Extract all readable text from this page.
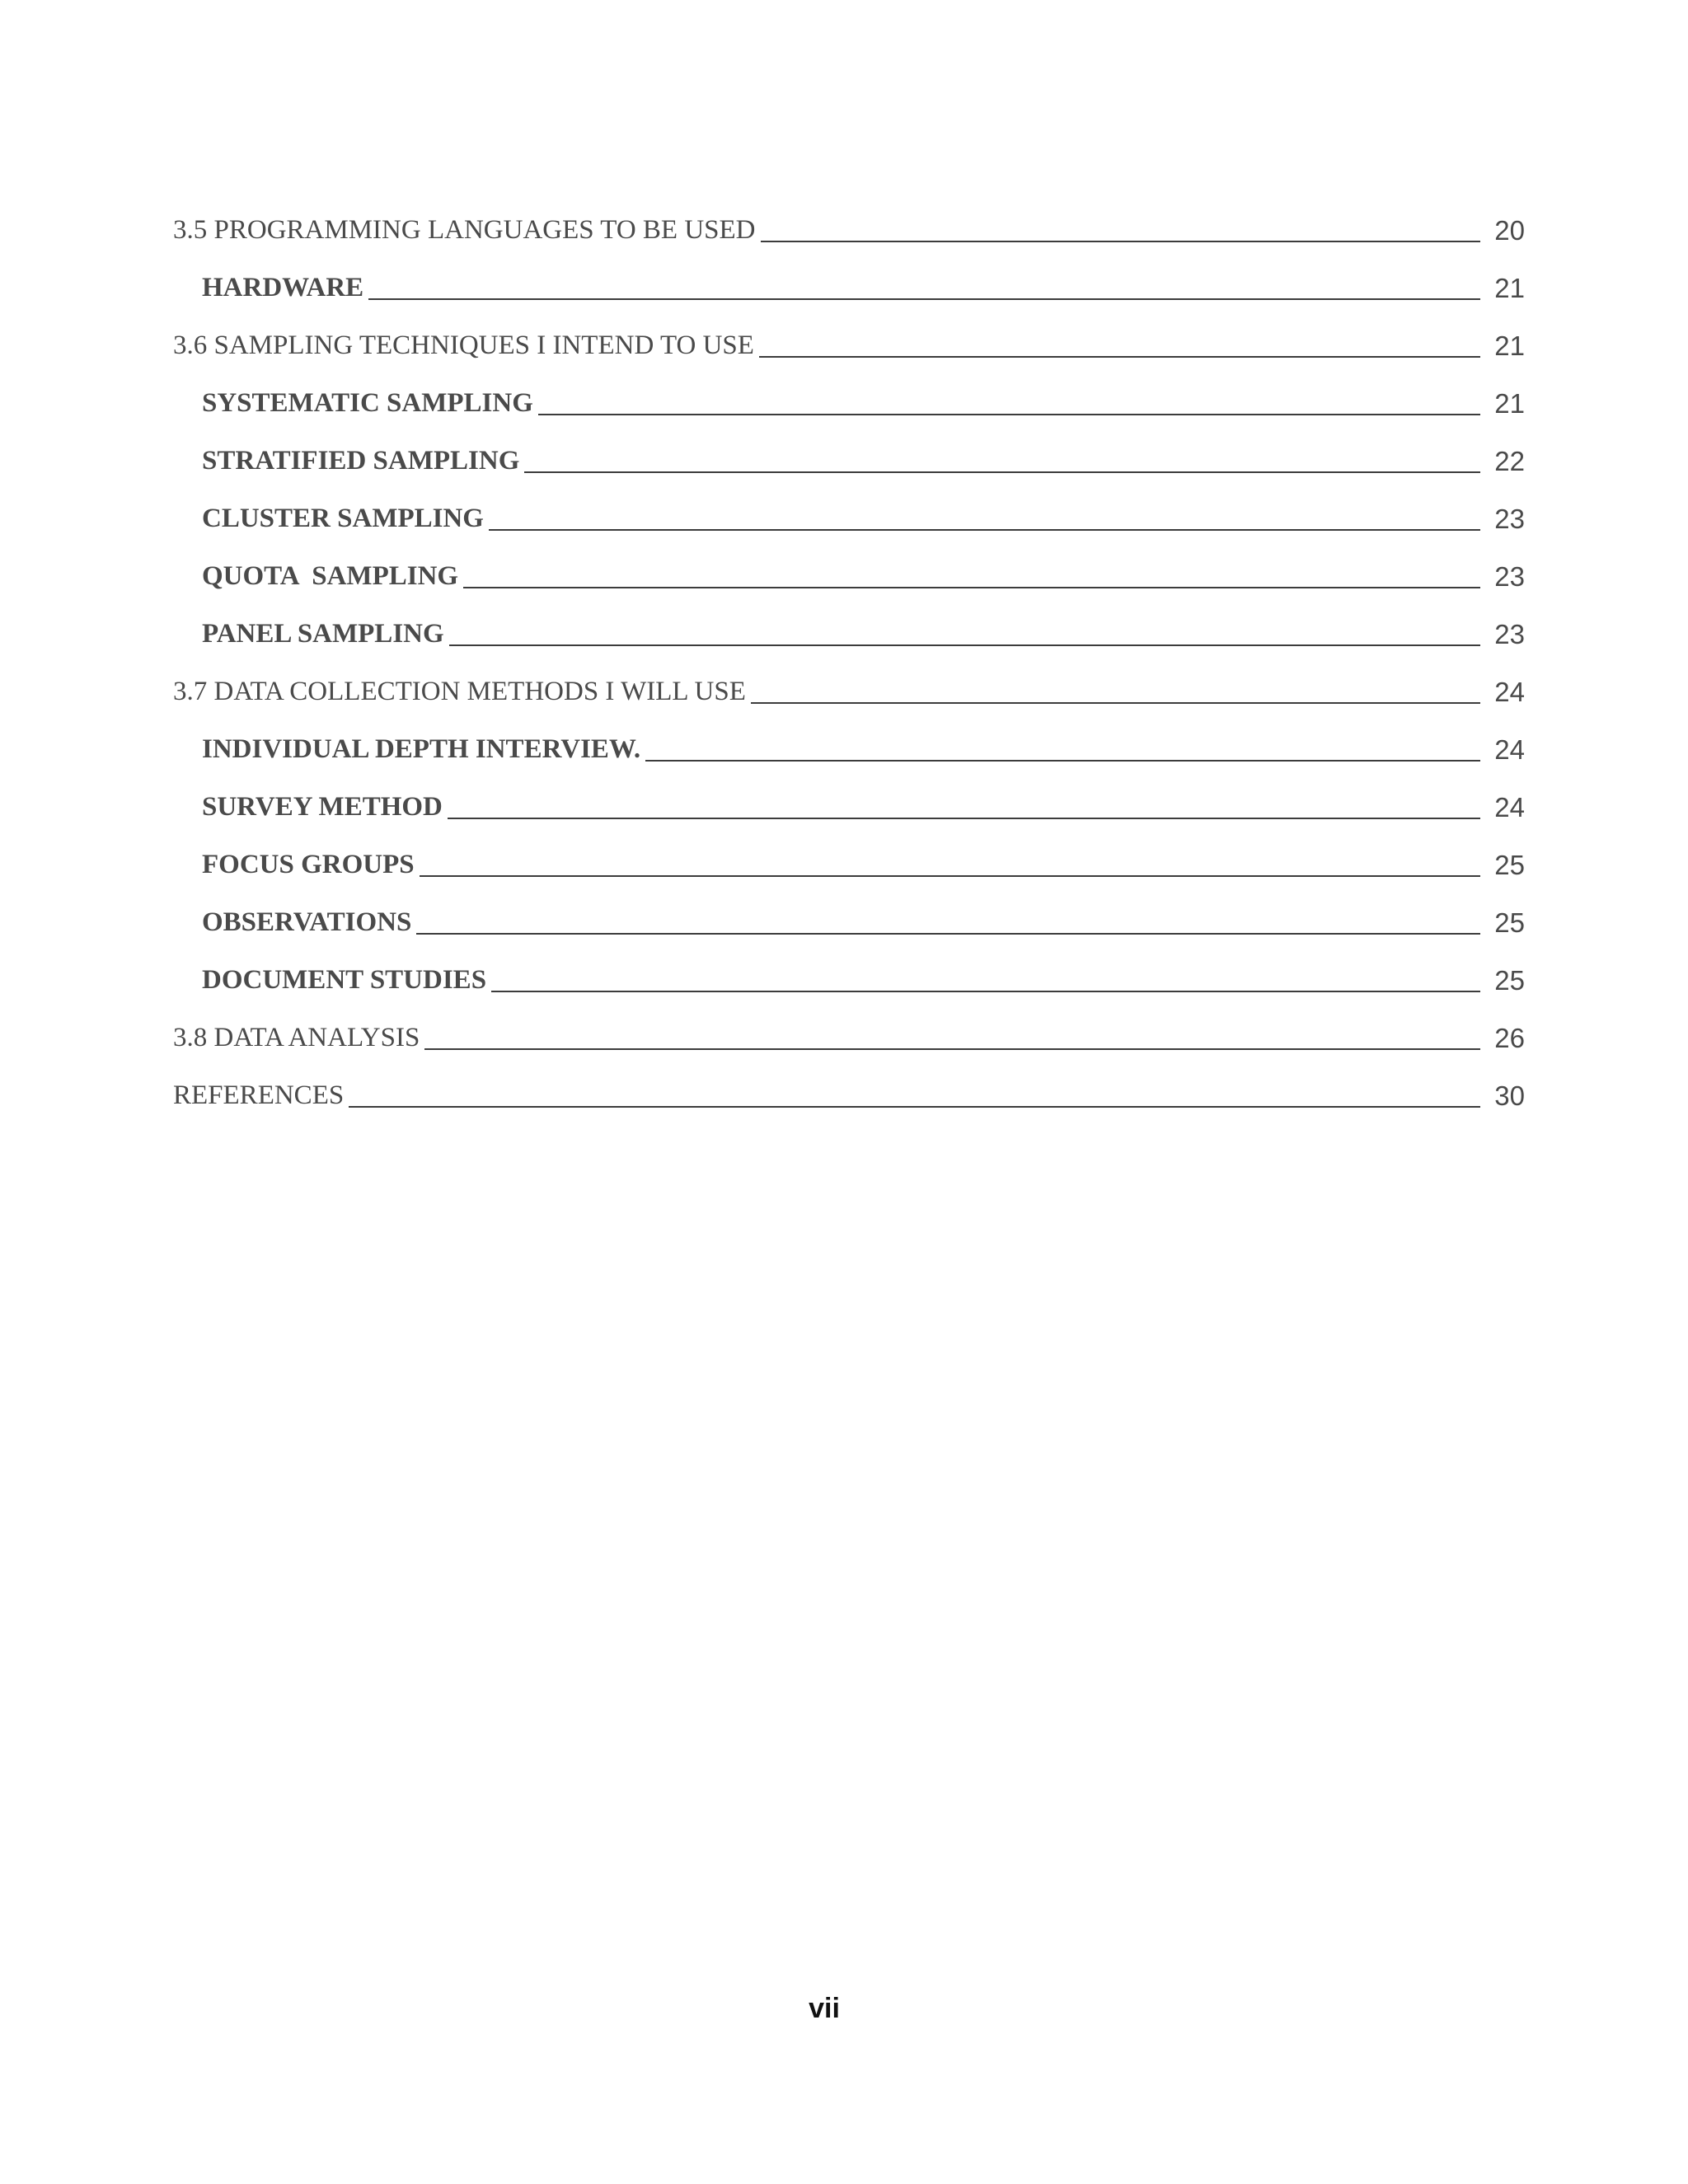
3.5 PROGRAMMING LANGUAGES TO BE USED	20
HARDWARE	21
3.6 SAMPLING TECHNIQUES I INTEND TO USE	21
SYSTEMATIC SAMPLING	21
STRATIFIED SAMPLING	22
CLUSTER SAMPLING	23
QUOTA  SAMPLING	23
PANEL SAMPLING	23
3.7 DATA COLLECTION METHODS I WILL USE	24
INDIVIDUAL DEPTH INTERVIEW.	24
SURVEY METHOD	24
FOCUS GROUPS	25
OBSERVATIONS	25
DOCUMENT STUDIES	25
3.8 DATA ANALYSIS	26
REFERENCES	30
vii
